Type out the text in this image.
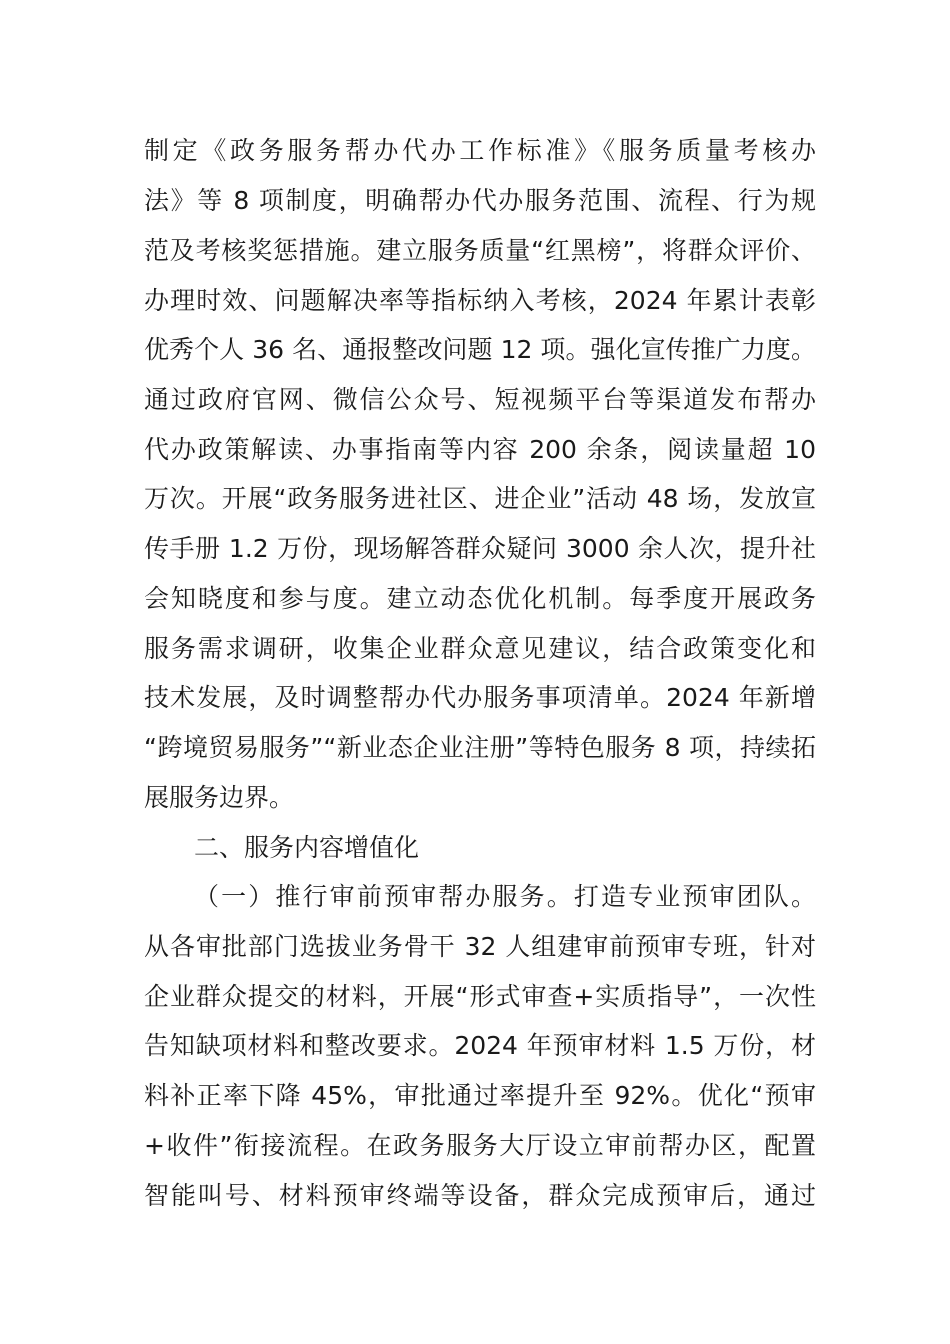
制定《政务服务帮办代办工作标准》《服务质量考核办
法》等 8 项制度，明确帮办代办服务范围、流程、行为规
范及考核奖惩措施。建立服务质量“红黑榜”，将群众评价、
办理时效、问题解决率等指标纳入考核，2024 年累计表彰
优秀个人 36 名、通报整改问题 12 项。强化宣传推广力度。
通过政府官网、微信公众号、短视频平台等渠道发布帮办
代办政策解读、办事指南等内容 200 余条，阅读量超 10
万次。开展“政务服务进社区、进企业”活动 48 场，发放宣
传手册 1.2 万份，现场解答群众疑问 3000 余人次，提升社
会知晓度和参与度。建立动态优化机制。每季度开展政务
服务需求调研，收集企业群众意见建议，结合政策变化和
技术发展，及时调整帮办代办服务事项清单。2024 年新增
“跨境贸易服务”“新业态企业注册”等特色服务 8 项，持续拓
展服务边界。
二、服务内容增值化
（一）推行审前预审帮办服务。打造专业预审团队。
从各审批部门选拔业务骨干 32 人组建审前预审专班，针对
企业群众提交的材料，开展“形式审查+实质指导”，一次性
告知缺项材料和整改要求。2024 年预审材料 1.5 万份，材
料补正率下降 45%，审批通过率提升至 92%。优化“预审
+收件”衔接流程。在政务服务大厅设立审前帮办区，配置
智能叫号、材料预审终端等设备，群众完成预审后，通过
